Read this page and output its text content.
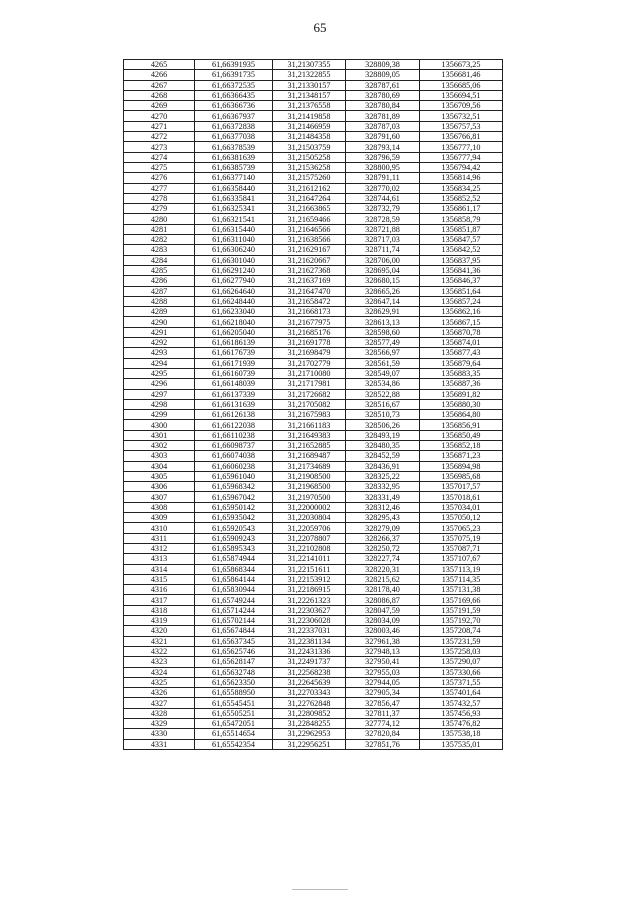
65
4265	61,66391935	31,21307355	328809,38	1356673,25
4266	61,66391735	31,21322855	328809,05	1356681,46
4267	61,66372535	31,21330157	328787,61	1356685,06
4268	61,66366435	31,21348157	328780,69	1356694,51
4269	61,66366736	31,21376558	328780,84	1356709,56
4270	61,66367937	31,21419858	328781,89	1356732,51
4271	61,66372838	31,21466959	328787,03	1356757,53
4272	61,66377038	31,21484358	328791,60	1356766,81
4273	61,66378539	31,21503759	328793,14	1356777,10
4274	61,66381639	31,21505258	328796,59	1356777,94
4275	61,66385739	31,21536258	328800,95	1356794,42
4276	61,66377140	31,21575260	328791,11	1356814,96
4277	61,66358440	31,21612162	328770,02	1356834,25
4278	61,66335841	31,21647264	328744,61	1356852,52
4279	61,66325341	31,21663865	328732,79	1356861,17
4280	61,66321541	31,21659466	328728,59	1356858,79
4281	61,66315440	31,21646566	328721,88	1356851,87
4282	61,66311040	31,21638566	328717,03	1356847,57
4283	61,66306240	31,21629167	328711,74	1356842,52
4284	61,66301040	31,21620667	328706,00	1356837,95
4285	61,66291240	31,21627368	328695,04	1356841,36
4286	61,66277940	31,21637169	328680,15	1356846,37
4287	61,66264640	31,21647470	328665,26	1356851,64
4288	61,66248440	31,21658472	328647,14	1356857,24
4289	61,66233040	31,21668173	328629,91	1356862,16
4290	61,66218040	31,21677975	328613,13	1356867,15
4291	61,66205040	31,21685176	328598,60	1356870,78
4292	61,66186139	31,21691778	328577,49	1356874,01
4293	61,66176739	31,21698479	328566,97	1356877,43
4294	61,66171939	31,21702779	328561,59	1356879,64
4295	61,66160739	31,21710080	328549,07	1356883,35
4296	61,66148039	31,21717981	328534,86	1356887,36
4297	61,66137339	31,21726682	328522,88	1356891,82
4298	61,66131639	31,21705082	328516,67	1356880,30
4299	61,66126138	31,21675983	328510,73	1356864,80
4300	61,66122038	31,21661183	328506,26	1356856,91
4301	61,66110238	31,21649383	328493,19	1356850,49
4302	61,66098737	31,21652885	328480,35	1356852,18
4303	61,66074038	31,21689487	328452,59	1356871,23
4304	61,66060238	31,21734689	328436,91	1356894,98
4305	61,65961040	31,21908500	328325,22	1356985,68
4306	61,65968342	31,21968500	328332,95	1357017,57
4307	61,65967042	31,21970500	328331,49	1357018,61
4308	61,65950142	31,22000002	328312,46	1357034,01
4309	61,65935042	31,22030804	328295,43	1357050,12
4310	61,65920543	31,22059706	328279,09	1357065,23
4311	61,65909243	31,22078807	328266,37	1357075,19
4312	61,65895343	31,22102808	328250,72	1357087,71
4313	61,65874944	31,22141011	328227,74	1357107,67
4314	61,65868344	31,22151611	328220,31	1357113,19
4315	61,65864144	31,22153912	328215,62	1357114,35
4316	61,65830944	31,22186915	328178,40	1357131,38
4317	61,65749244	31,22261323	328086,87	1357169,66
4318	61,65714244	31,22303627	328047,59	1357191,59
4319	61,65702144	31,22306028	328034,09	1357192,70
4320	61,65674844	31,22337031	328003,46	1357208,74
4321	61,65637345	31,22381134	327961,38	1357231,59
4322	61,65625746	31,22431336	327948,13	1357258,03
4323	61,65628147	31,22491737	327950,41	1357290,07
4324	61,65632748	31,22568238	327955,03	1357330,66
4325	61,65623350	31,22645639	327944,05	1357371,55
4326	61,65588950	31,22703343	327905,34	1357401,64
4327	61,65545451	31,22762848	327856,47	1357432,57
4328	61,65505251	31,22809852	327811,37	1357456,93
4329	61,65472051	31,22848255	327774,12	1357476,82
4330	61,65514654	31,22962953	327820,84	1357538,18
4331	61,65542354	31,22956251	327851,76	1357535,01
